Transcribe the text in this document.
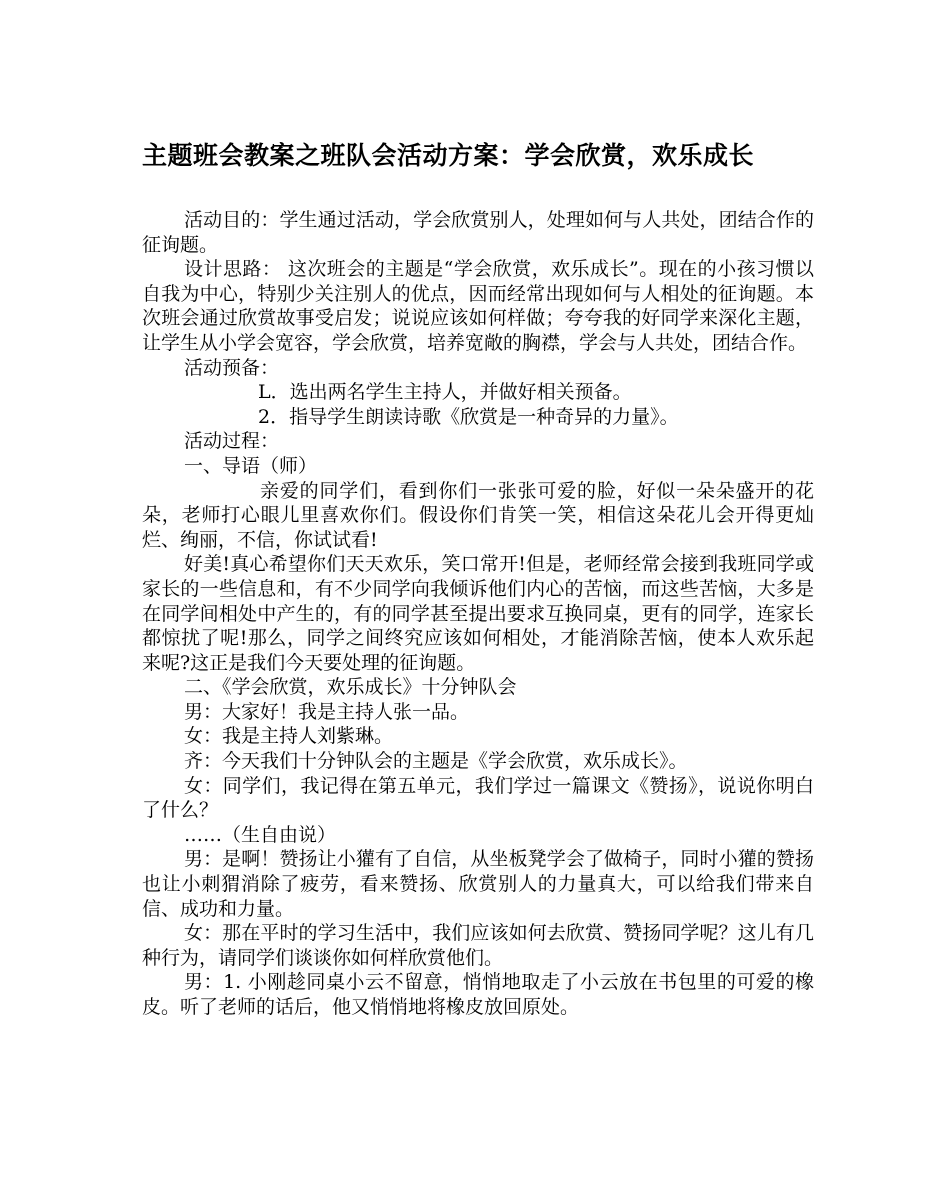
主题班会教案之班队会活动方案：学会欣赏，欢乐成长

活动目的：学生通过活动，学会欣赏别人，处理如何与人共处，团结合作的征询题。

设计思路： 这次班会的主题是“学会欣赏，欢乐成长”。现在的小孩习惯以自我为中心，特别少关注别人的优点，因而经常出现如何与人相处的征询题。本次班会通过欣赏故事受启发；说说应该如何样做；夸夸我的好同学来深化主题，让学生从小学会宽容，学会欣赏，培养宽敞的胸襟，学会与人共处，团结合作。

活动预备：

L．选出两名学生主持人，并做好相关预备。

2．指导学生朗读诗歌《欣赏是一种奇异的力量》。

活动过程：

一、导语（师）

亲爱的同学们，看到你们一张张可爱的脸，好似一朵朵盛开的花朵，老师打心眼儿里喜欢你们。假设你们肯笑一笑，相信这朵花儿会开得更灿烂、绚丽，不信，你试试看!

好美!真心希望你们天天欢乐，笑口常开!但是，老师经常会接到我班同学或家长的一些信息和，有不少同学向我倾诉他们内心的苦恼，而这些苦恼，大多是在同学间相处中产生的，有的同学甚至提出要求互换同桌，更有的同学，连家长都惊扰了呢!那么，同学之间终究应该如何相处，才能消除苦恼，使本人欢乐起来呢?这正是我们今天要处理的征询题。

二、《学会欣赏，欢乐成长》十分钟队会

男：大家好！我是主持人张一品。

女：我是主持人刘紫琳。

齐：今天我们十分钟队会的主题是《学会欣赏，欢乐成长》。

女：同学们，我记得在第五单元，我们学过一篇课文《赞扬》，说说你明白了什么？

……（生自由说）

男：是啊！赞扬让小獾有了自信，从坐板凳学会了做椅子，同时小獾的赞扬也让小刺猬消除了疲劳，看来赞扬、欣赏别人的力量真大，可以给我们带来自信、成功和力量。

女：那在平时的学习生活中，我们应该如何去欣赏、赞扬同学呢？这儿有几种行为，请同学们谈谈你如何样欣赏他们。

男：1. 小刚趁同桌小云不留意，悄悄地取走了小云放在书包里的可爱的橡皮。听了老师的话后，他又悄悄地将橡皮放回原处。
